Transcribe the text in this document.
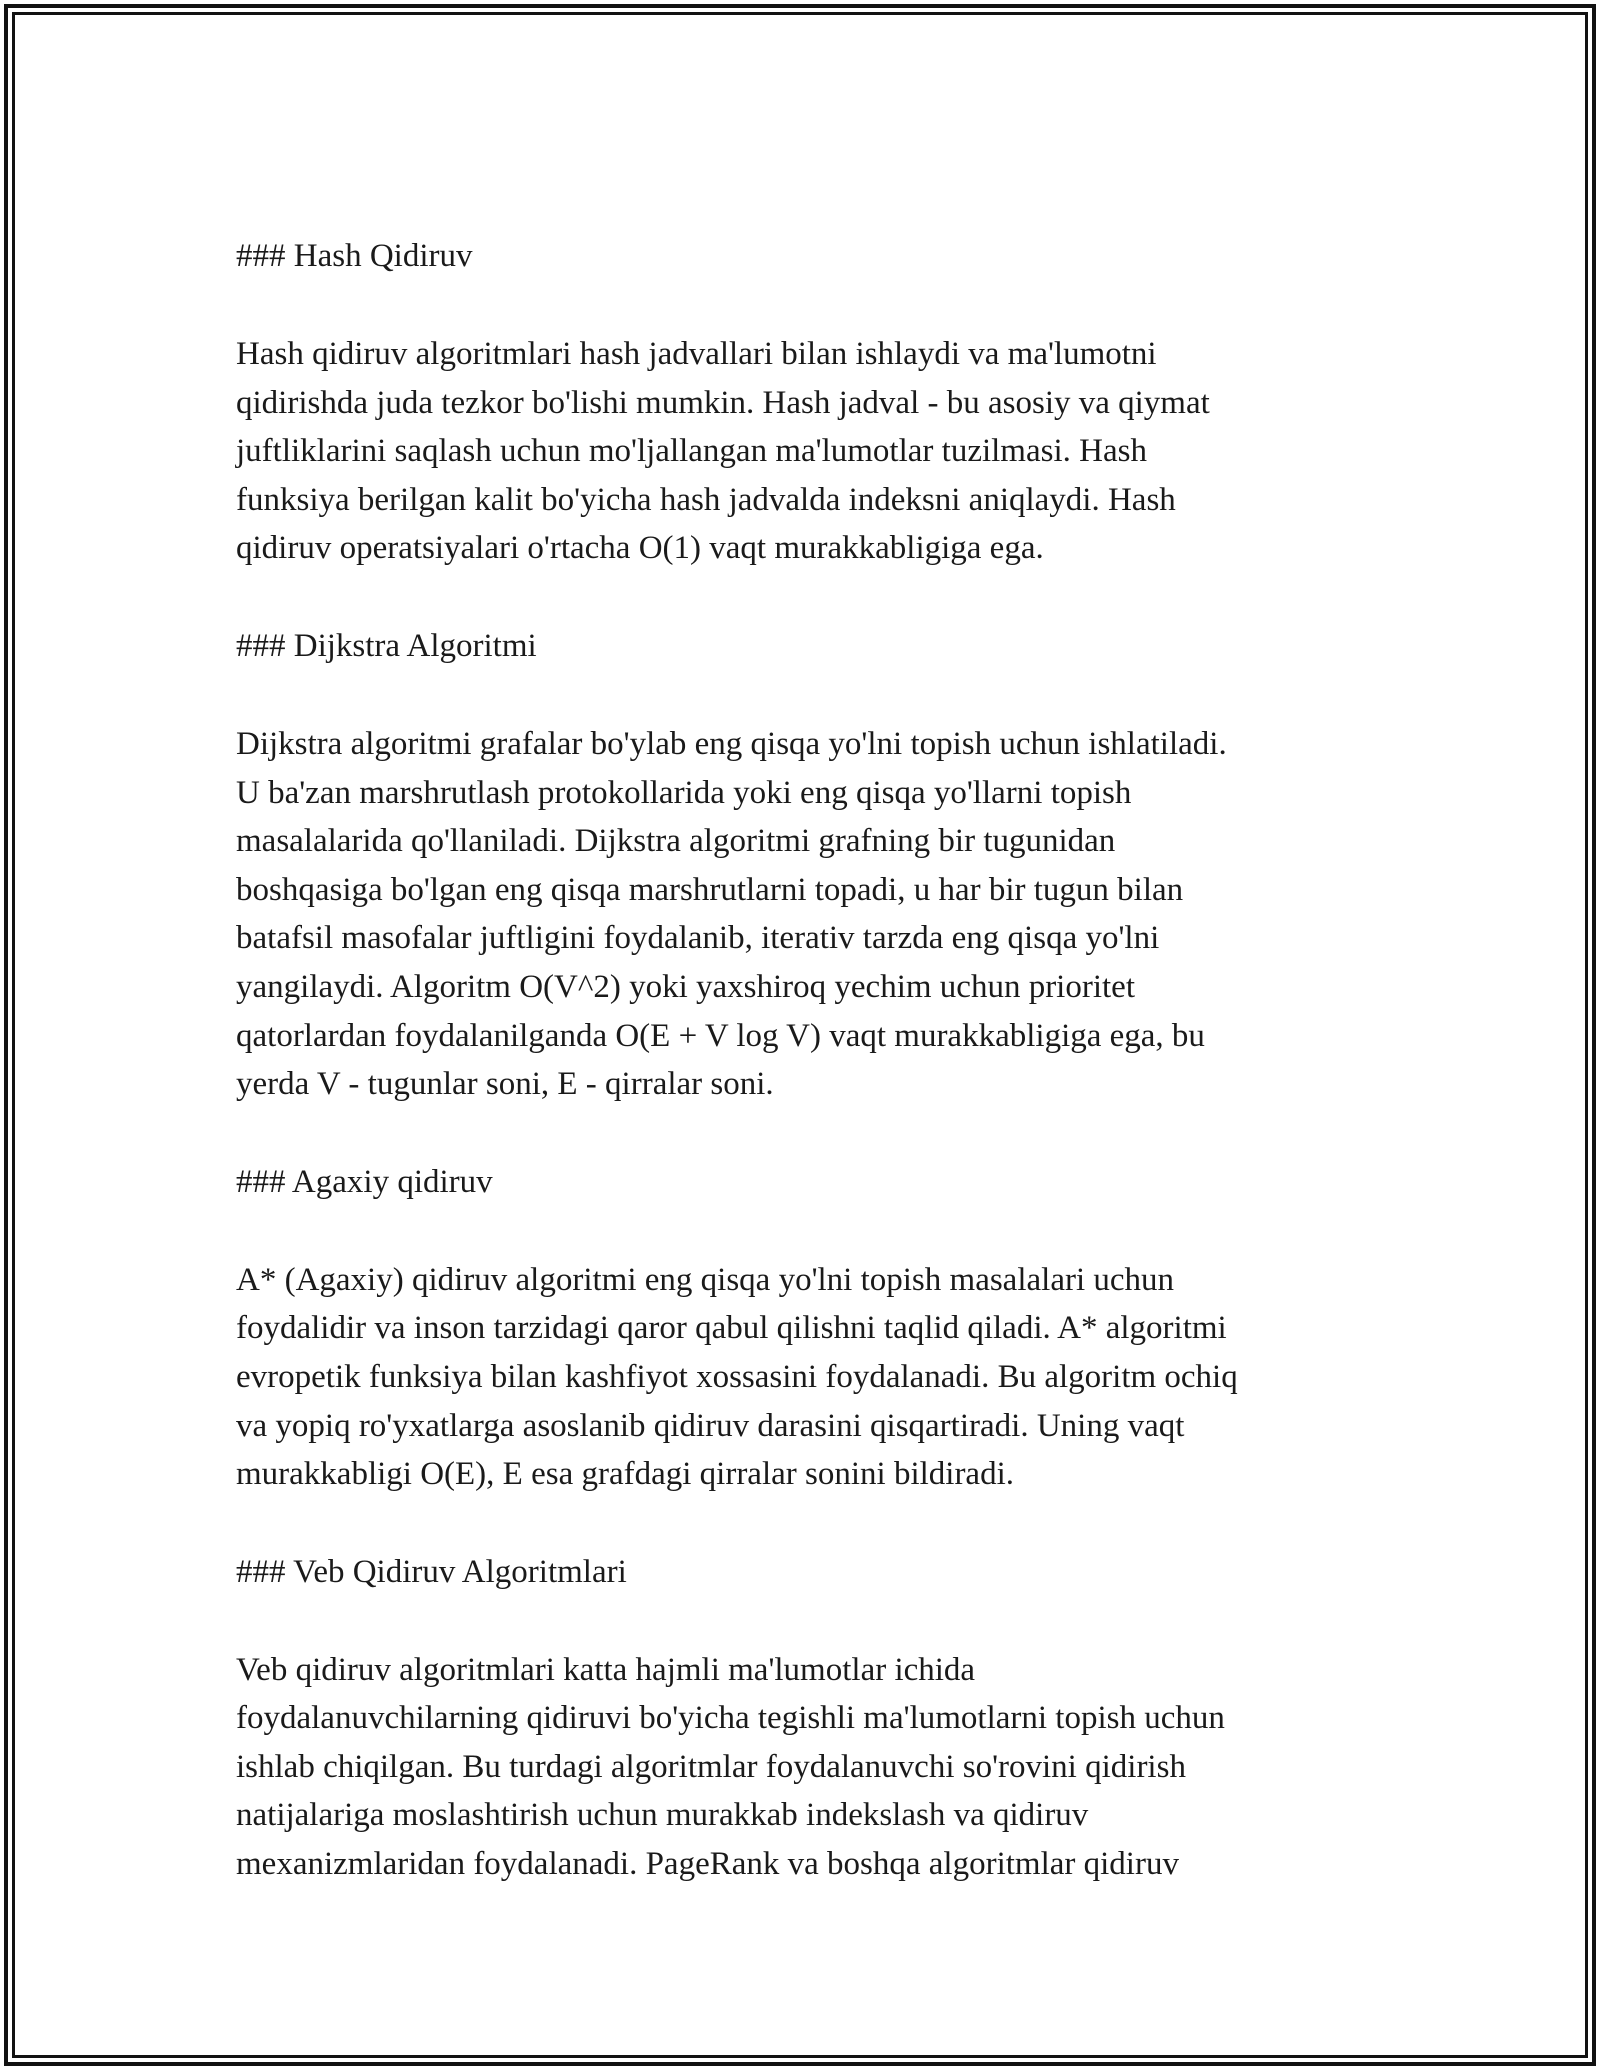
### Hash Qidiruv
Hash qidiruv algoritmlari hash jadvallari bilan ishlaydi va ma'lumotni
qidirishda juda tezkor bo'lishi mumkin. Hash jadval - bu asosiy va qiymat
juftliklarini saqlash uchun mo'ljallangan ma'lumotlar tuzilmasi. Hash
funksiya berilgan kalit bo'yicha hash jadvalda indeksni aniqlaydi. Hash
qidiruv operatsiyalari o'rtacha O(1) vaqt murakkabligiga ega.
### Dijkstra Algoritmi
Dijkstra algoritmi grafalar bo'ylab eng qisqa yo'lni topish uchun ishlatiladi.
U ba'zan marshrutlash protokollarida yoki eng qisqa yo'llarni topish
masalalarida qo'llaniladi. Dijkstra algoritmi grafning bir tugunidan
boshqasiga bo'lgan eng qisqa marshrutlarni topadi, u har bir tugun bilan
batafsil masofalar juftligini foydalanib, iterativ tarzda eng qisqa yo'lni
yangilaydi. Algoritm O(V^2) yoki yaxshiroq yechim uchun prioritet
qatorlardan foydalanilganda O(E + V log V) vaqt murakkabligiga ega, bu
yerda V - tugunlar soni, E - qirralar soni.
### Agaxiy qidiruv
A* (Agaxiy) qidiruv algoritmi eng qisqa yo'lni topish masalalari uchun
foydalidir va inson tarzidagi qaror qabul qilishni taqlid qiladi. A* algoritmi
evropetik funksiya bilan kashfiyot xossasini foydalanadi. Bu algoritm ochiq
va yopiq ro'yxatlarga asoslanib qidiruv darasini qisqartiradi. Uning vaqt
murakkabligi O(E), E esa grafdagi qirralar sonini bildiradi.
### Veb Qidiruv Algoritmlari
Veb qidiruv algoritmlari katta hajmli ma'lumotlar ichida
foydalanuvchilarning qidiruvi bo'yicha tegishli ma'lumotlarni topish uchun
ishlab chiqilgan. Bu turdagi algoritmlar foydalanuvchi so'rovini qidirish
natijalariga moslashtirish uchun murakkab indekslash va qidiruv
mexanizmlaridan foydalanadi. PageRank va boshqa algoritmlar qidiruv
